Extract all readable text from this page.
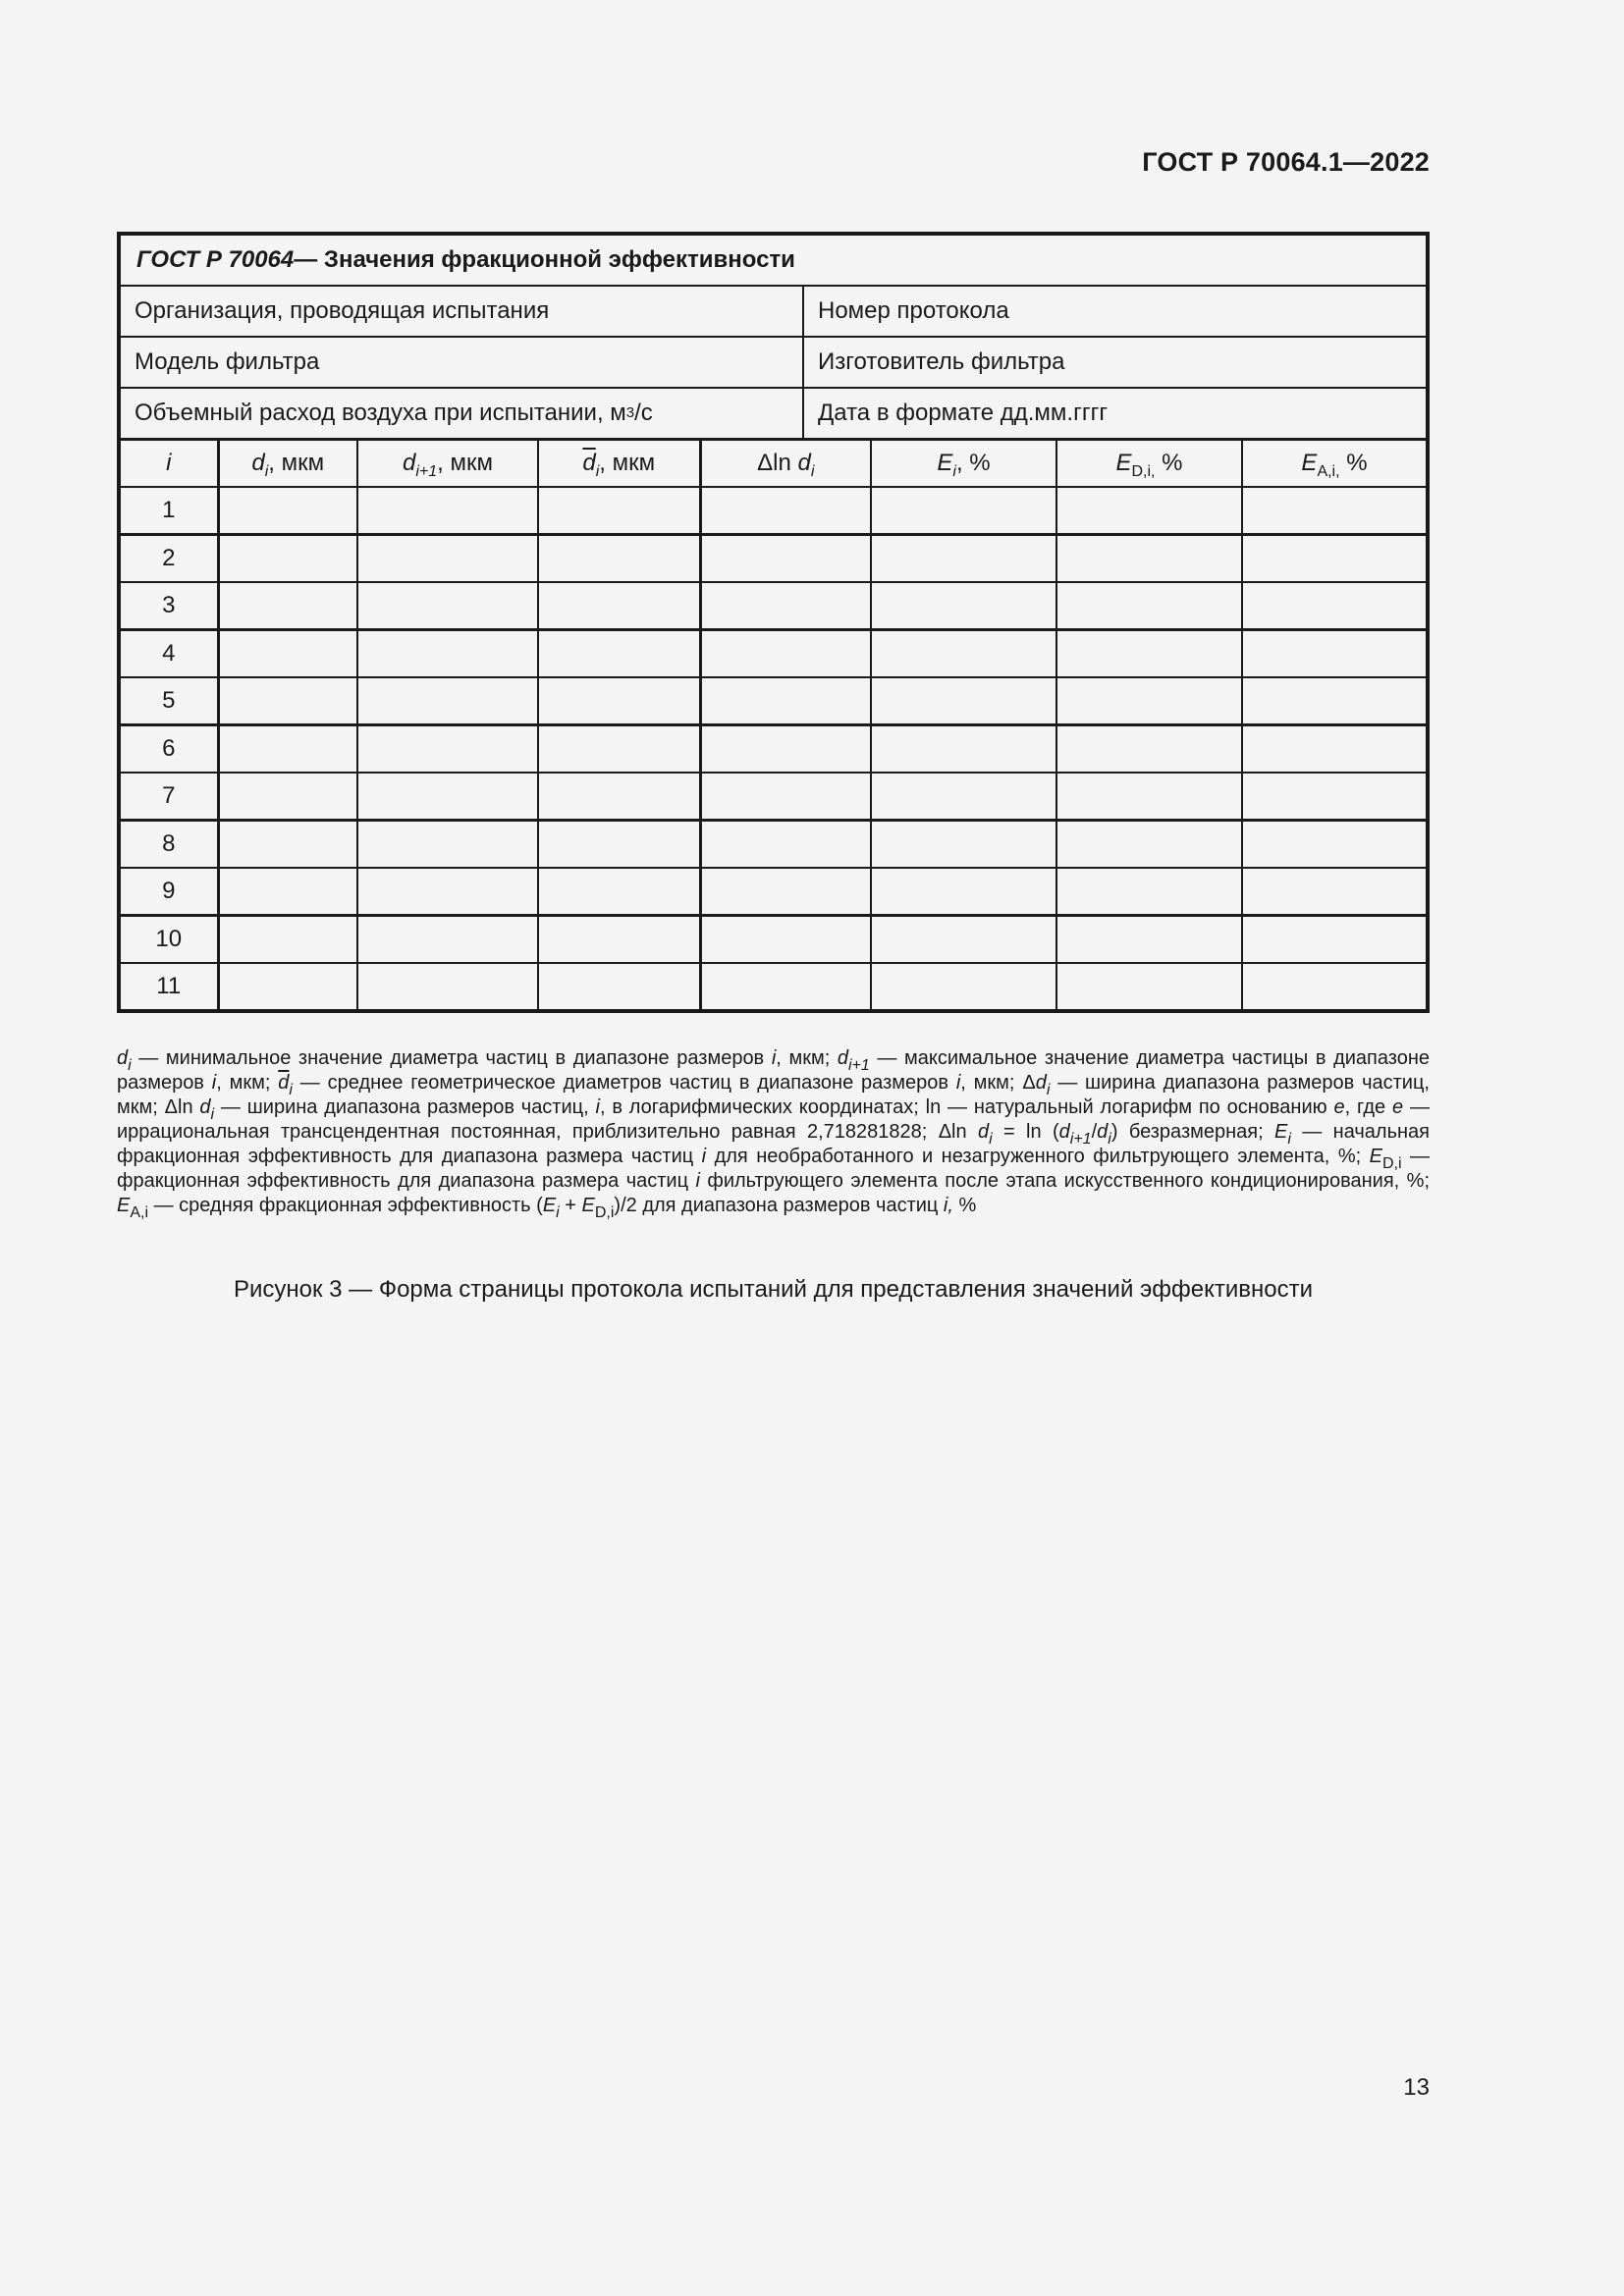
ГОСТ Р 70064.1—2022
ГОСТ Р 70064 — Значения фракционной эффективности
Организация, проводящая испытания	Номер протокола
Модель фильтра	Изготовитель фильтра
Объемный расход воздуха при испытании, м 3 /с	Дата в формате дд.мм.гггг
i	$d_i$, мкм	$d_{i+1}$, мкм	$\overline{d}_i$, мкм	Δln $d_i$	$E_i$, %	$E_{D,i,}$ %	$E_{A,i,}$ %
1							
2							
3							
4							
5							
6							
7							
8							
9							
10							
11							
$d_i$ — минимальное значение диаметра частиц в диапазоне размеров i, мкм; $d_{i+1}$ — максимальное значение диаметра частицы в диапазоне размеров i, мкм; $\overline{d}_i$ — среднее геометрическое диаметров частиц в диапазоне размеров i, мкм; $\Delta d_i$ — ширина диапазона размеров частиц, мкм; Δln $d_i$ — ширина диапазона размеров частиц, i, в логарифмических координатах; ln — натуральный логарифм по основанию e, где e — иррациональная трансцендентная постоянная, приблизительно равная 2,718281828; Δln $d_i = \ln (d_{i+1}/d_i)$ безразмерная; $E_i$ — начальная фракционная эффективность для диапазона размера частиц i для необработанного и незагруженного фильтрующего элемента, %; $E_{D,i}$ — фракционная эффективность для диапазона размера частиц i фильтрующего элемента после этапа искусственного кондиционирования, %; $E_{A,i}$ — средняя фракционная эффективность $(E_i + E_{D,i})/2$ для диапазона размеров частиц i, %
Рисунок 3 — Форма страницы протокола испытаний для представления значений эффективности
13
